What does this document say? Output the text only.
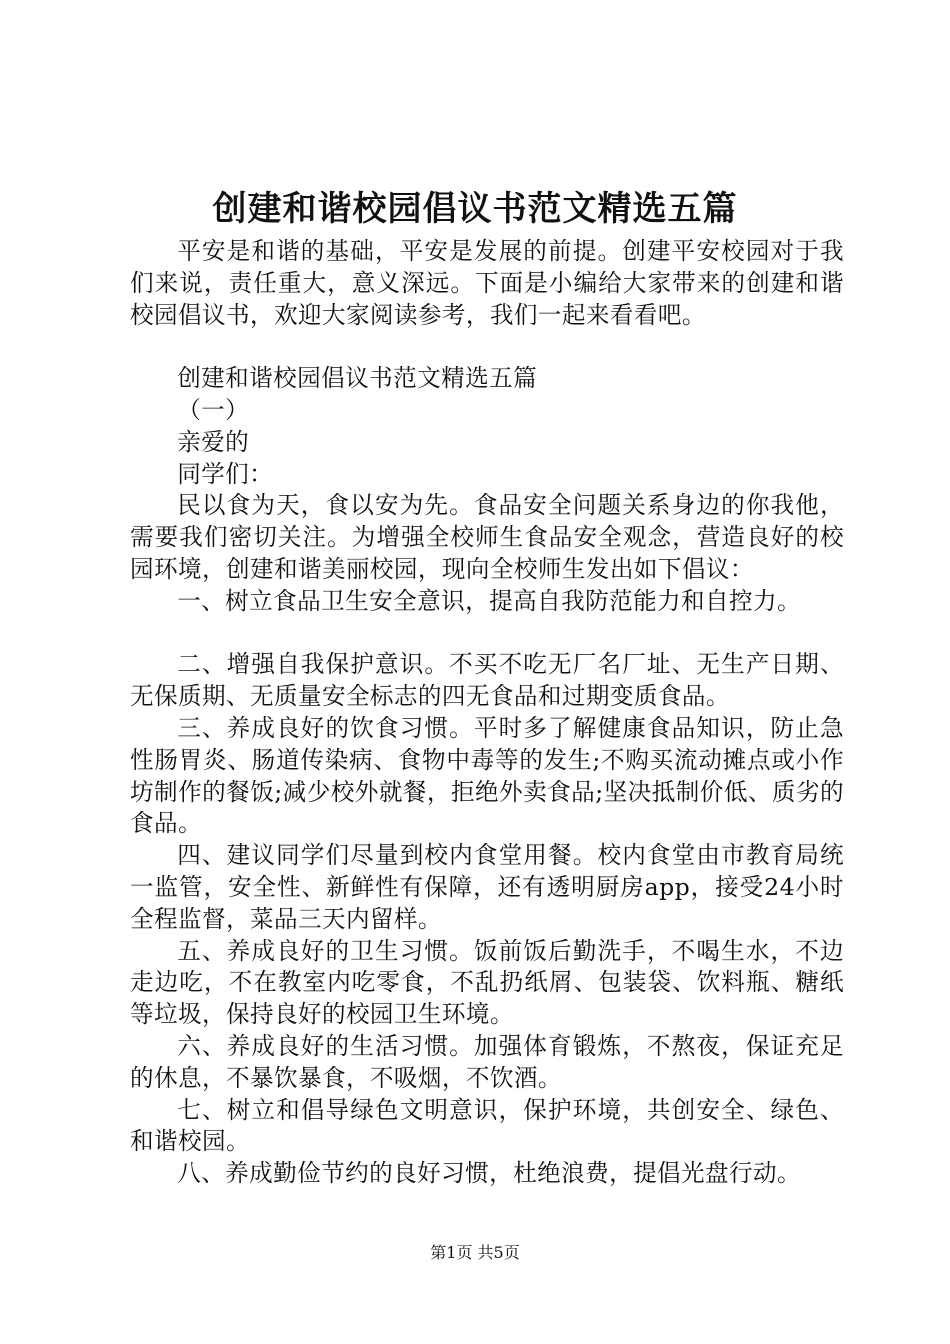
创建和谐校园倡议书范文精选五篇

平安是和谐的基础，平安是发展的前提。创建平安校园对于我们来说，责任重大，意义深远。下面是小编给大家带来的创建和谐校园倡议书，欢迎大家阅读参考，我们一起来看看吧。

创建和谐校园倡议书范文精选五篇

（一）

亲爱的

同学们：

民以食为天，食以安为先。食品安全问题关系身边的你我他，需要我们密切关注。为增强全校师生食品安全观念，营造良好的校园环境，创建和谐美丽校园，现向全校师生发出如下倡议：

一、树立食品卫生安全意识，提高自我防范能力和自控力。

二、增强自我保护意识。不买不吃无厂名厂址、无生产日期、无保质期、无质量安全标志的四无食品和过期变质食品。

三、养成良好的饮食习惯。平时多了解健康食品知识，防止急性肠胃炎、肠道传染病、食物中毒等的发生;不购买流动摊点或小作坊制作的餐饭;减少校外就餐，拒绝外卖食品;坚决抵制价低、质劣的食品。

四、建议同学们尽量到校内食堂用餐。校内食堂由市教育局统一监管，安全性、新鲜性有保障，还有透明厨房app，接受24小时全程监督，菜品三天内留样。

五、养成良好的卫生习惯。饭前饭后勤洗手，不喝生水，不边走边吃，不在教室内吃零食，不乱扔纸屑、包装袋、饮料瓶、糖纸等垃圾，保持良好的校园卫生环境。

六、养成良好的生活习惯。加强体育锻炼，不熬夜，保证充足的休息，不暴饮暴食，不吸烟，不饮酒。

七、树立和倡导绿色文明意识，保护环境，共创安全、绿色、和谐校园。

八、养成勤俭节约的良好习惯，杜绝浪费，提倡光盘行动。

第1页 共5页
